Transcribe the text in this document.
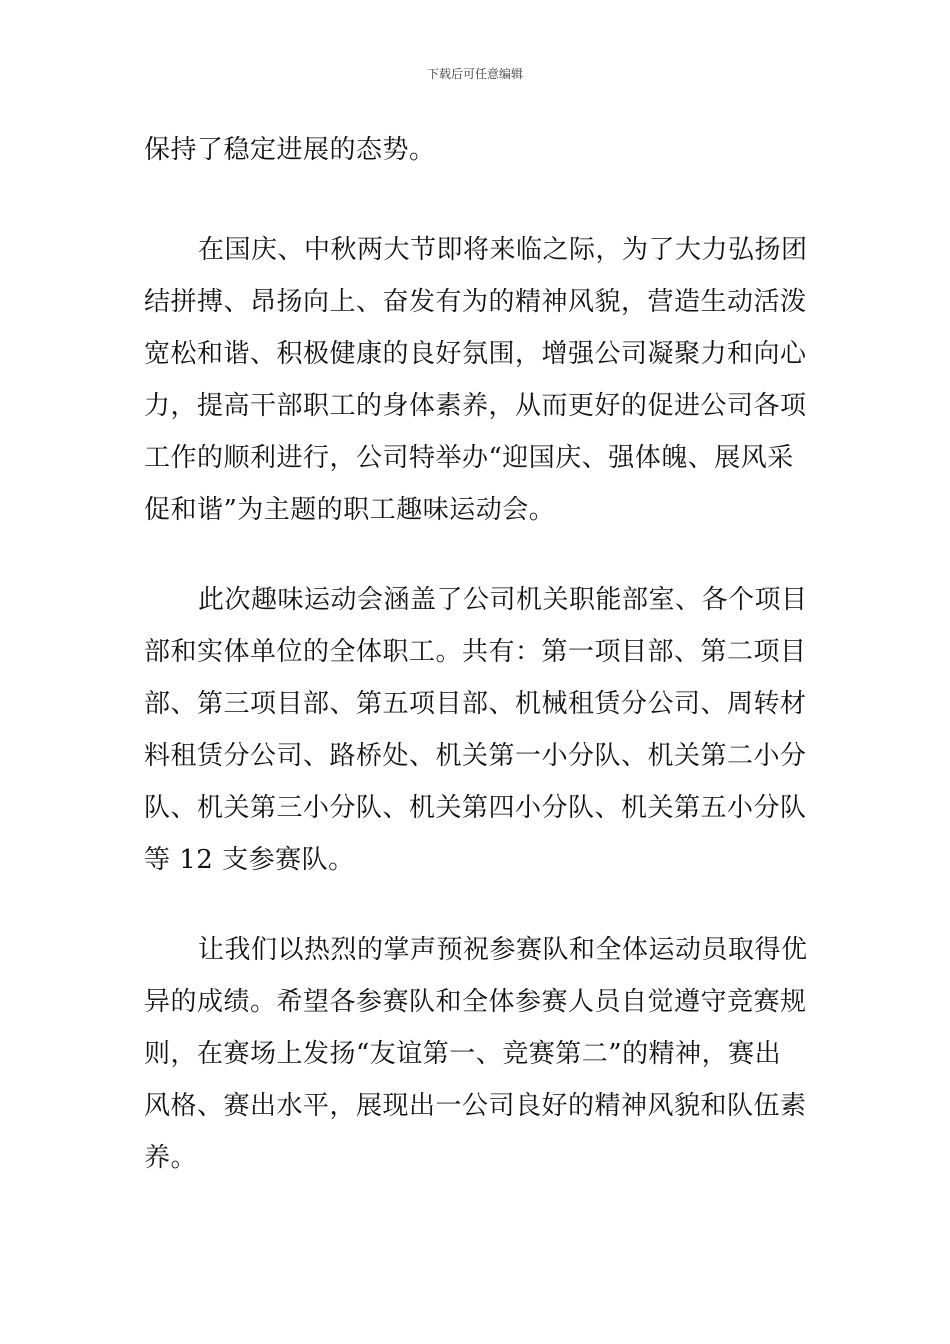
下载后可任意编辑
保持了稳定进展的态势。
在国庆、中秋两大节即将来临之际，为了大力弘扬团
结拼搏、昂扬向上、奋发有为的精神风貌，营造生动活泼
宽松和谐、积极健康的良好氛围，增强公司凝聚力和向心
力，提高干部职工的身体素养，从而更好的促进公司各项
工作的顺利进行，公司特举办“迎国庆、强体魄、展风采
促和谐”为主题的职工趣味运动会。
此次趣味运动会涵盖了公司机关职能部室、各个项目
部和实体单位的全体职工。共有：第一项目部、第二项目
部、第三项目部、第五项目部、机械租赁分公司、周转材
料租赁分公司、路桥处、机关第一小分队、机关第二小分
队、机关第三小分队、机关第四小分队、机关第五小分队
等 12 支参赛队。
让我们以热烈的掌声预祝参赛队和全体运动员取得优
异的成绩。希望各参赛队和全体参赛人员自觉遵守竞赛规
则，在赛场上发扬“友谊第一、竞赛第二”的精神，赛出
风格、赛出水平，展现出一公司良好的精神风貌和队伍素
养。
